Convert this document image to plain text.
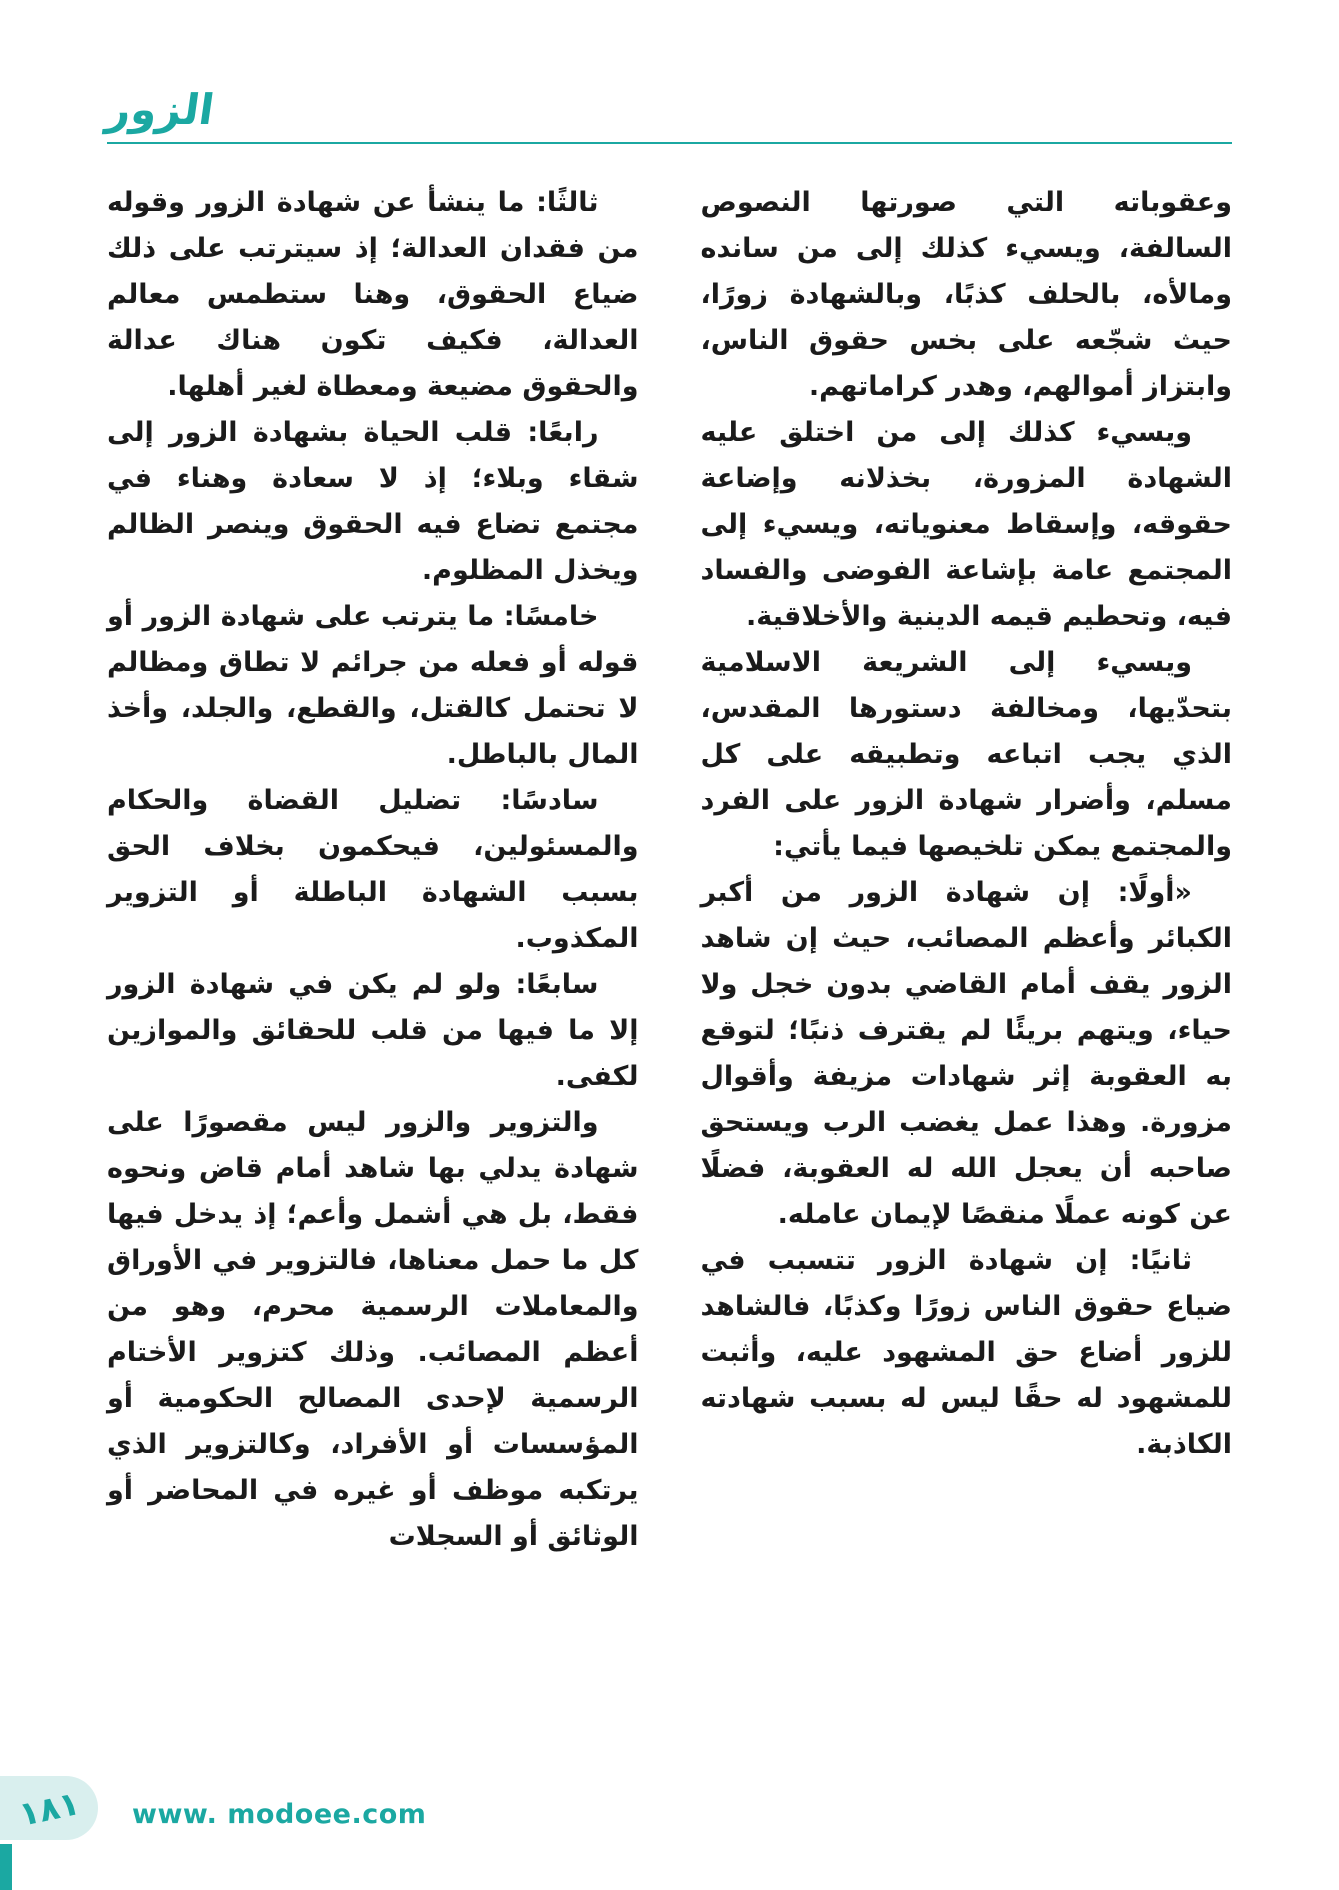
الزور

وعقوباته التي صورتها النصوص السالفة، ويسيء كذلك إلى من سانده ومالأه، بالحلف كذبًا، وبالشهادة زورًا، حيث شجّعه على بخس حقوق الناس، وابتزاز أموالهم، وهدر كراماتهم.

ويسيء كذلك إلى من اختلق عليه الشهادة المزورة، بخذلانه وإضاعة حقوقه، وإسقاط معنوياته، ويسيء إلى المجتمع عامة بإشاعة الفوضى والفساد فيه، وتحطيم قيمه الدينية والأخلاقية.

ويسيء إلى الشريعة الاسلامية بتحدّيها، ومخالفة دستورها المقدس، الذي يجب اتباعه وتطبيقه على كل مسلم، وأضرار شهادة الزور على الفرد والمجتمع يمكن تلخيصها فيما يأتي:

«أولًا: إن شهادة الزور من أكبر الكبائر وأعظم المصائب، حيث إن شاهد الزور يقف أمام القاضي بدون خجل ولا حياء، ويتهم بريئًا لم يقترف ذنبًا؛ لتوقع به العقوبة إثر شهادات مزيفة وأقوال مزورة. وهذا عمل يغضب الرب ويستحق صاحبه أن يعجل الله له العقوبة، فضلًا عن كونه عملًا منقصًا لإيمان عامله.

ثانيًا: إن شهادة الزور تتسبب في ضياع حقوق الناس زورًا وكذبًا، فالشاهد للزور أضاع حق المشهود عليه، وأثبت للمشهود له حقًا ليس له بسبب شهادته الكاذبة.

ثالثًا: ما ينشأ عن شهادة الزور وقوله من فقدان العدالة؛ إذ سيترتب على ذلك ضياع الحقوق، وهنا ستطمس معالم العدالة، فكيف تكون هناك عدالة والحقوق مضيعة ومعطاة لغير أهلها.

رابعًا: قلب الحياة بشهادة الزور إلى شقاء وبلاء؛ إذ لا سعادة وهناء في مجتمع تضاع فيه الحقوق وينصر الظالم ويخذل المظلوم.

خامسًا: ما يترتب على شهادة الزور أو قوله أو فعله من جرائم لا تطاق ومظالم لا تحتمل كالقتل، والقطع، والجلد، وأخذ المال بالباطل.

سادسًا: تضليل القضاة والحكام والمسئولين، فيحكمون بخلاف الحق بسبب الشهادة الباطلة أو التزوير المكذوب.

سابعًا: ولو لم يكن في شهادة الزور إلا ما فيها من قلب للحقائق والموازين لكفى.

والتزوير والزور ليس مقصورًا على شهادة يدلي بها شاهد أمام قاض ونحوه فقط، بل هي أشمل وأعم؛ إذ يدخل فيها كل ما حمل معناها، فالتزوير في الأوراق والمعاملات الرسمية محرم، وهو من أعظم المصائب. وذلك كتزوير الأختام الرسمية لإحدى المصالح الحكومية أو المؤسسات أو الأفراد، وكالتزوير الذي يرتكبه موظف أو غيره في المحاضر أو الوثائق أو السجلات

١٨١ www. modoee.com
